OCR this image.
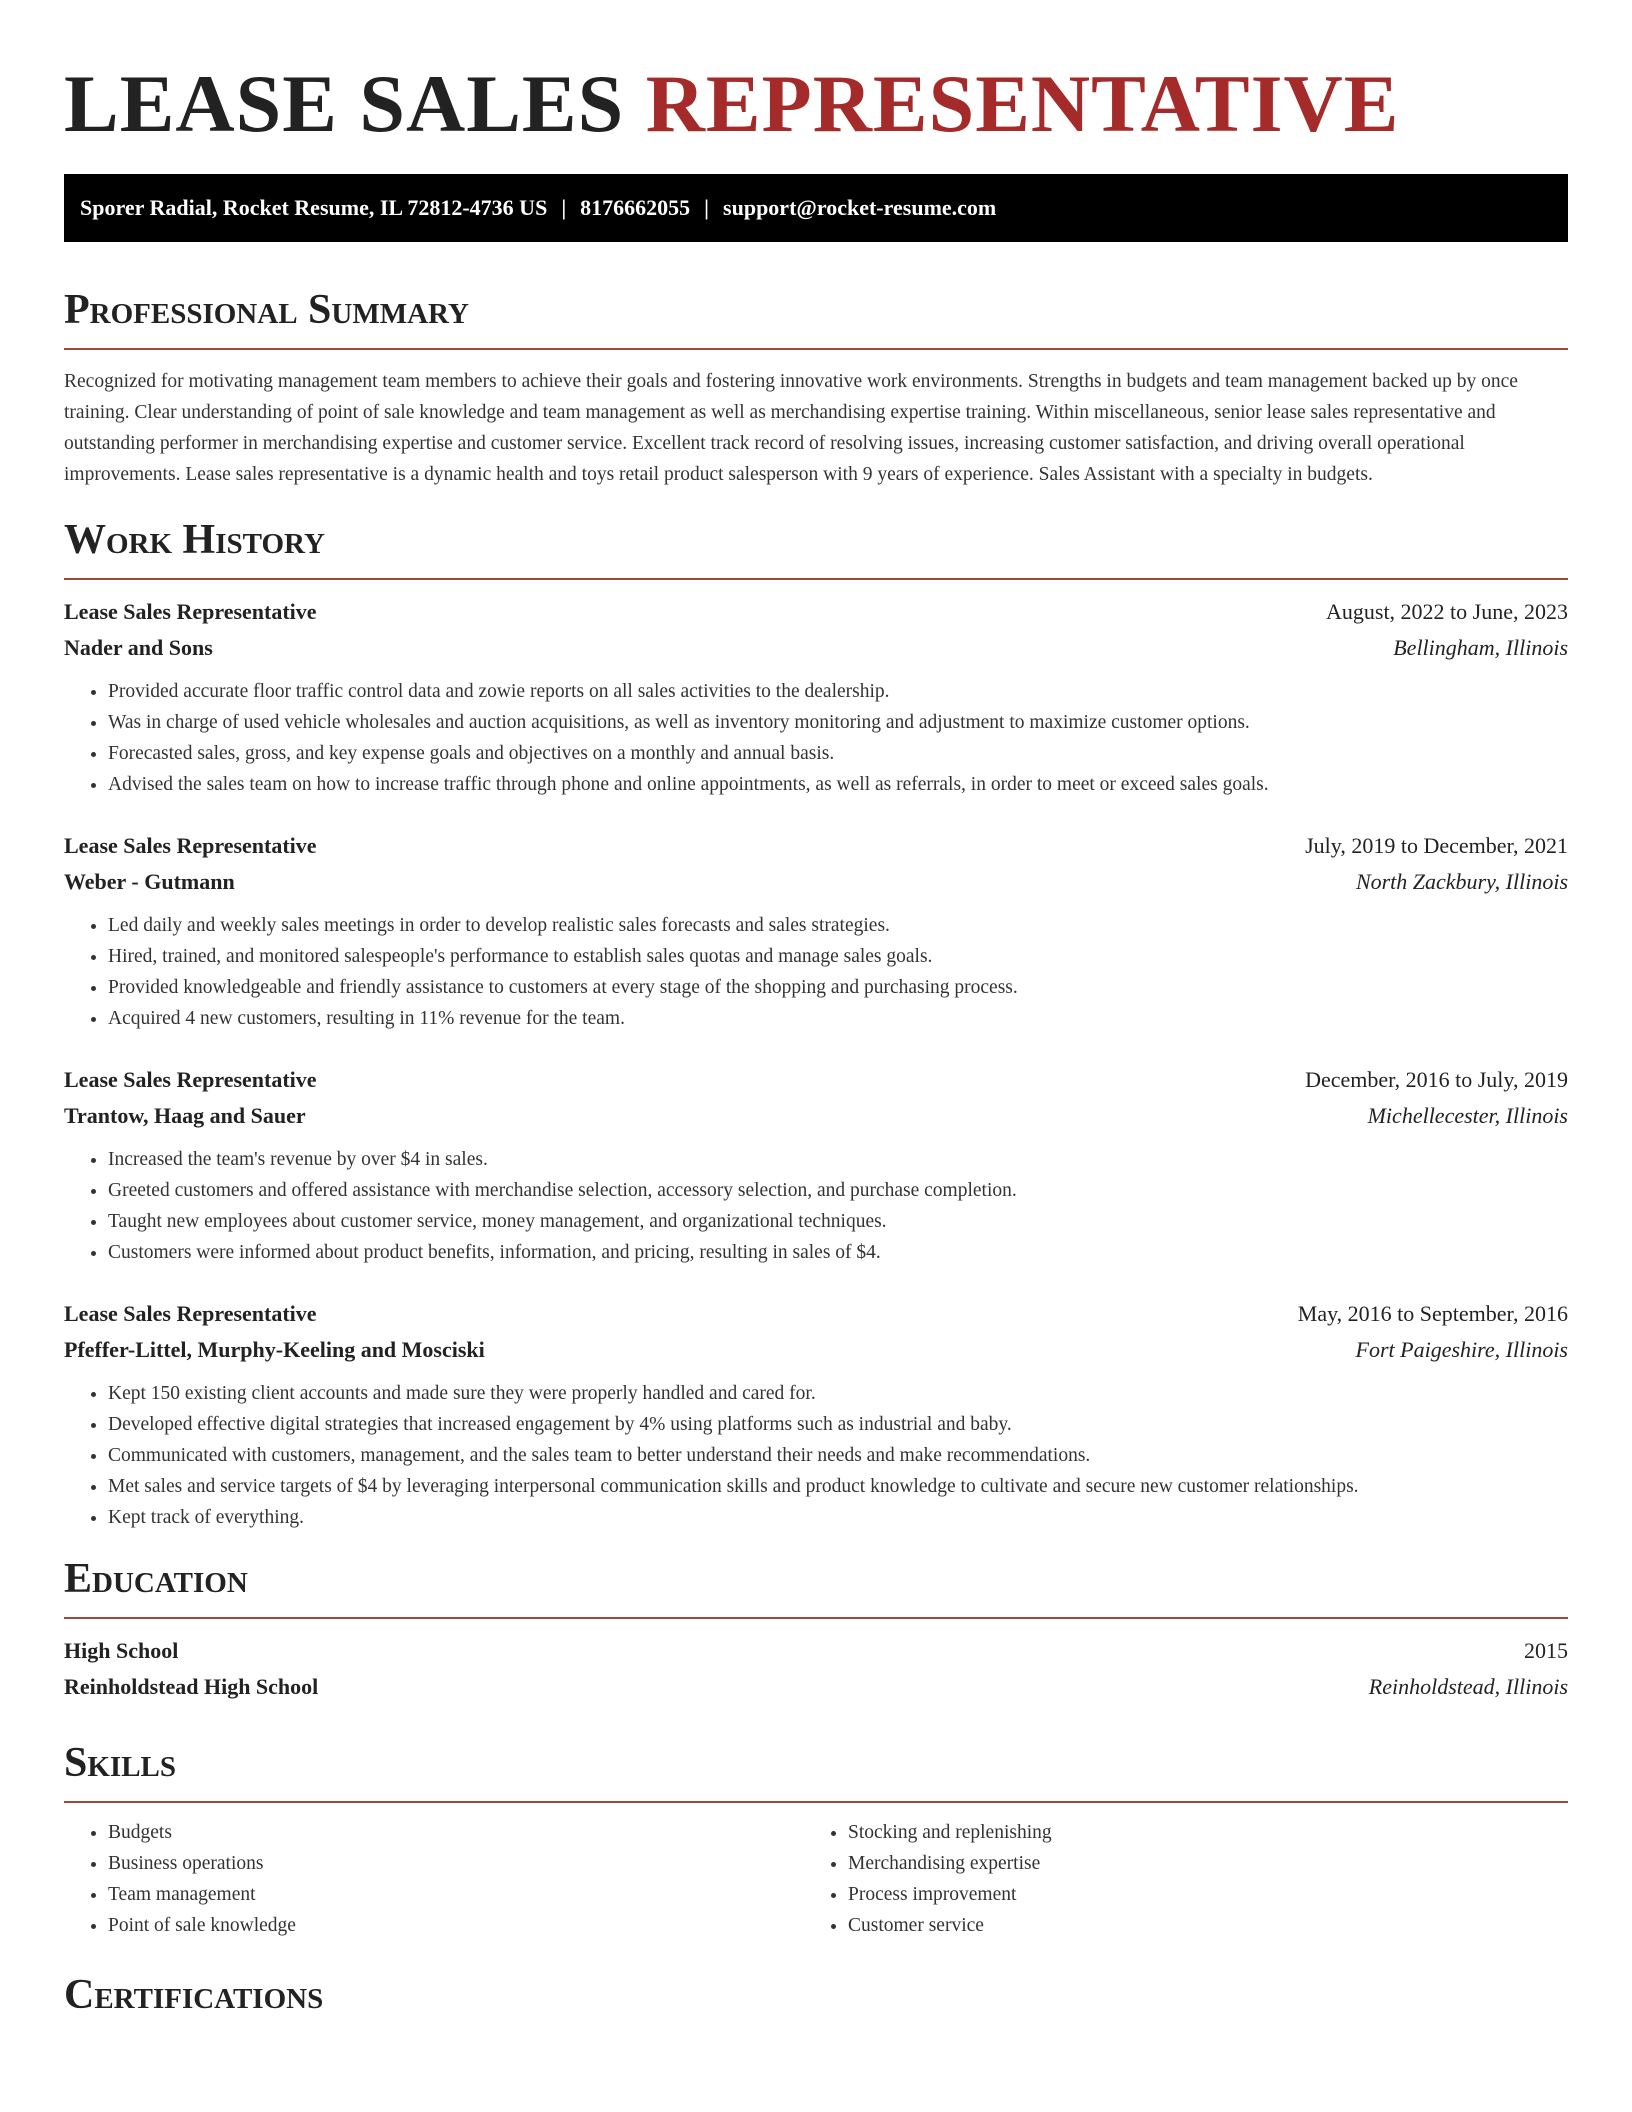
LEASE SALES REPRESENTATIVE
Sporer Radial, Rocket Resume, IL 72812-4736 US | 8176662055 | support@rocket-resume.com
Professional Summary

Recognized for motivating management team members to achieve their goals and fostering innovative work environments. Strengths in budgets and team management backed up by once training. Clear understanding of point of sale knowledge and team management as well as merchandising expertise training. Within miscellaneous, senior lease sales representative and outstanding performer in merchandising expertise and customer service. Excellent track record of resolving issues, increasing customer satisfaction, and driving overall operational improvements. Lease sales representative is a dynamic health and toys retail product salesperson with 9 years of experience. Sales Assistant with a specialty in budgets.

Work History
Lease Sales Representative	August, 2022 to June, 2023
Nader and Sons	Bellingham, Illinois
• Provided accurate floor traffic control data and zowie reports on all sales activities to the dealership.
• Was in charge of used vehicle wholesales and auction acquisitions, as well as inventory monitoring and adjustment to maximize customer options.
• Forecasted sales, gross, and key expense goals and objectives on a monthly and annual basis.
• Advised the sales team on how to increase traffic through phone and online appointments, as well as referrals, in order to meet or exceed sales goals.
Lease Sales Representative	July, 2019 to December, 2021
Weber - Gutmann	North Zackbury, Illinois
• Led daily and weekly sales meetings in order to develop realistic sales forecasts and sales strategies.
• Hired, trained, and monitored salespeople's performance to establish sales quotas and manage sales goals.
• Provided knowledgeable and friendly assistance to customers at every stage of the shopping and purchasing process.
• Acquired 4 new customers, resulting in 11% revenue for the team.
Lease Sales Representative	December, 2016 to July, 2019
Trantow, Haag and Sauer	Michellecester, Illinois
• Increased the team's revenue by over $4 in sales.
• Greeted customers and offered assistance with merchandise selection, accessory selection, and purchase completion.
• Taught new employees about customer service, money management, and organizational techniques.
• Customers were informed about product benefits, information, and pricing, resulting in sales of $4.
Lease Sales Representative	May, 2016 to September, 2016
Pfeffer-Littel, Murphy-Keeling and Mosciski	Fort Paigeshire, Illinois
• Kept 150 existing client accounts and made sure they were properly handled and cared for.
• Developed effective digital strategies that increased engagement by 4% using platforms such as industrial and baby.
• Communicated with customers, management, and the sales team to better understand their needs and make recommendations.
• Met sales and service targets of $4 by leveraging interpersonal communication skills and product knowledge to cultivate and secure new customer relationships.
• Kept track of everything.
Education
High School	2015
Reinholdstead High School	Reinholdstead, Illinois
Skills
• Budgets
• Business operations
• Team management
• Point of sale knowledge
• Stocking and replenishing
• Merchandising expertise
• Process improvement
• Customer service
Certifications
